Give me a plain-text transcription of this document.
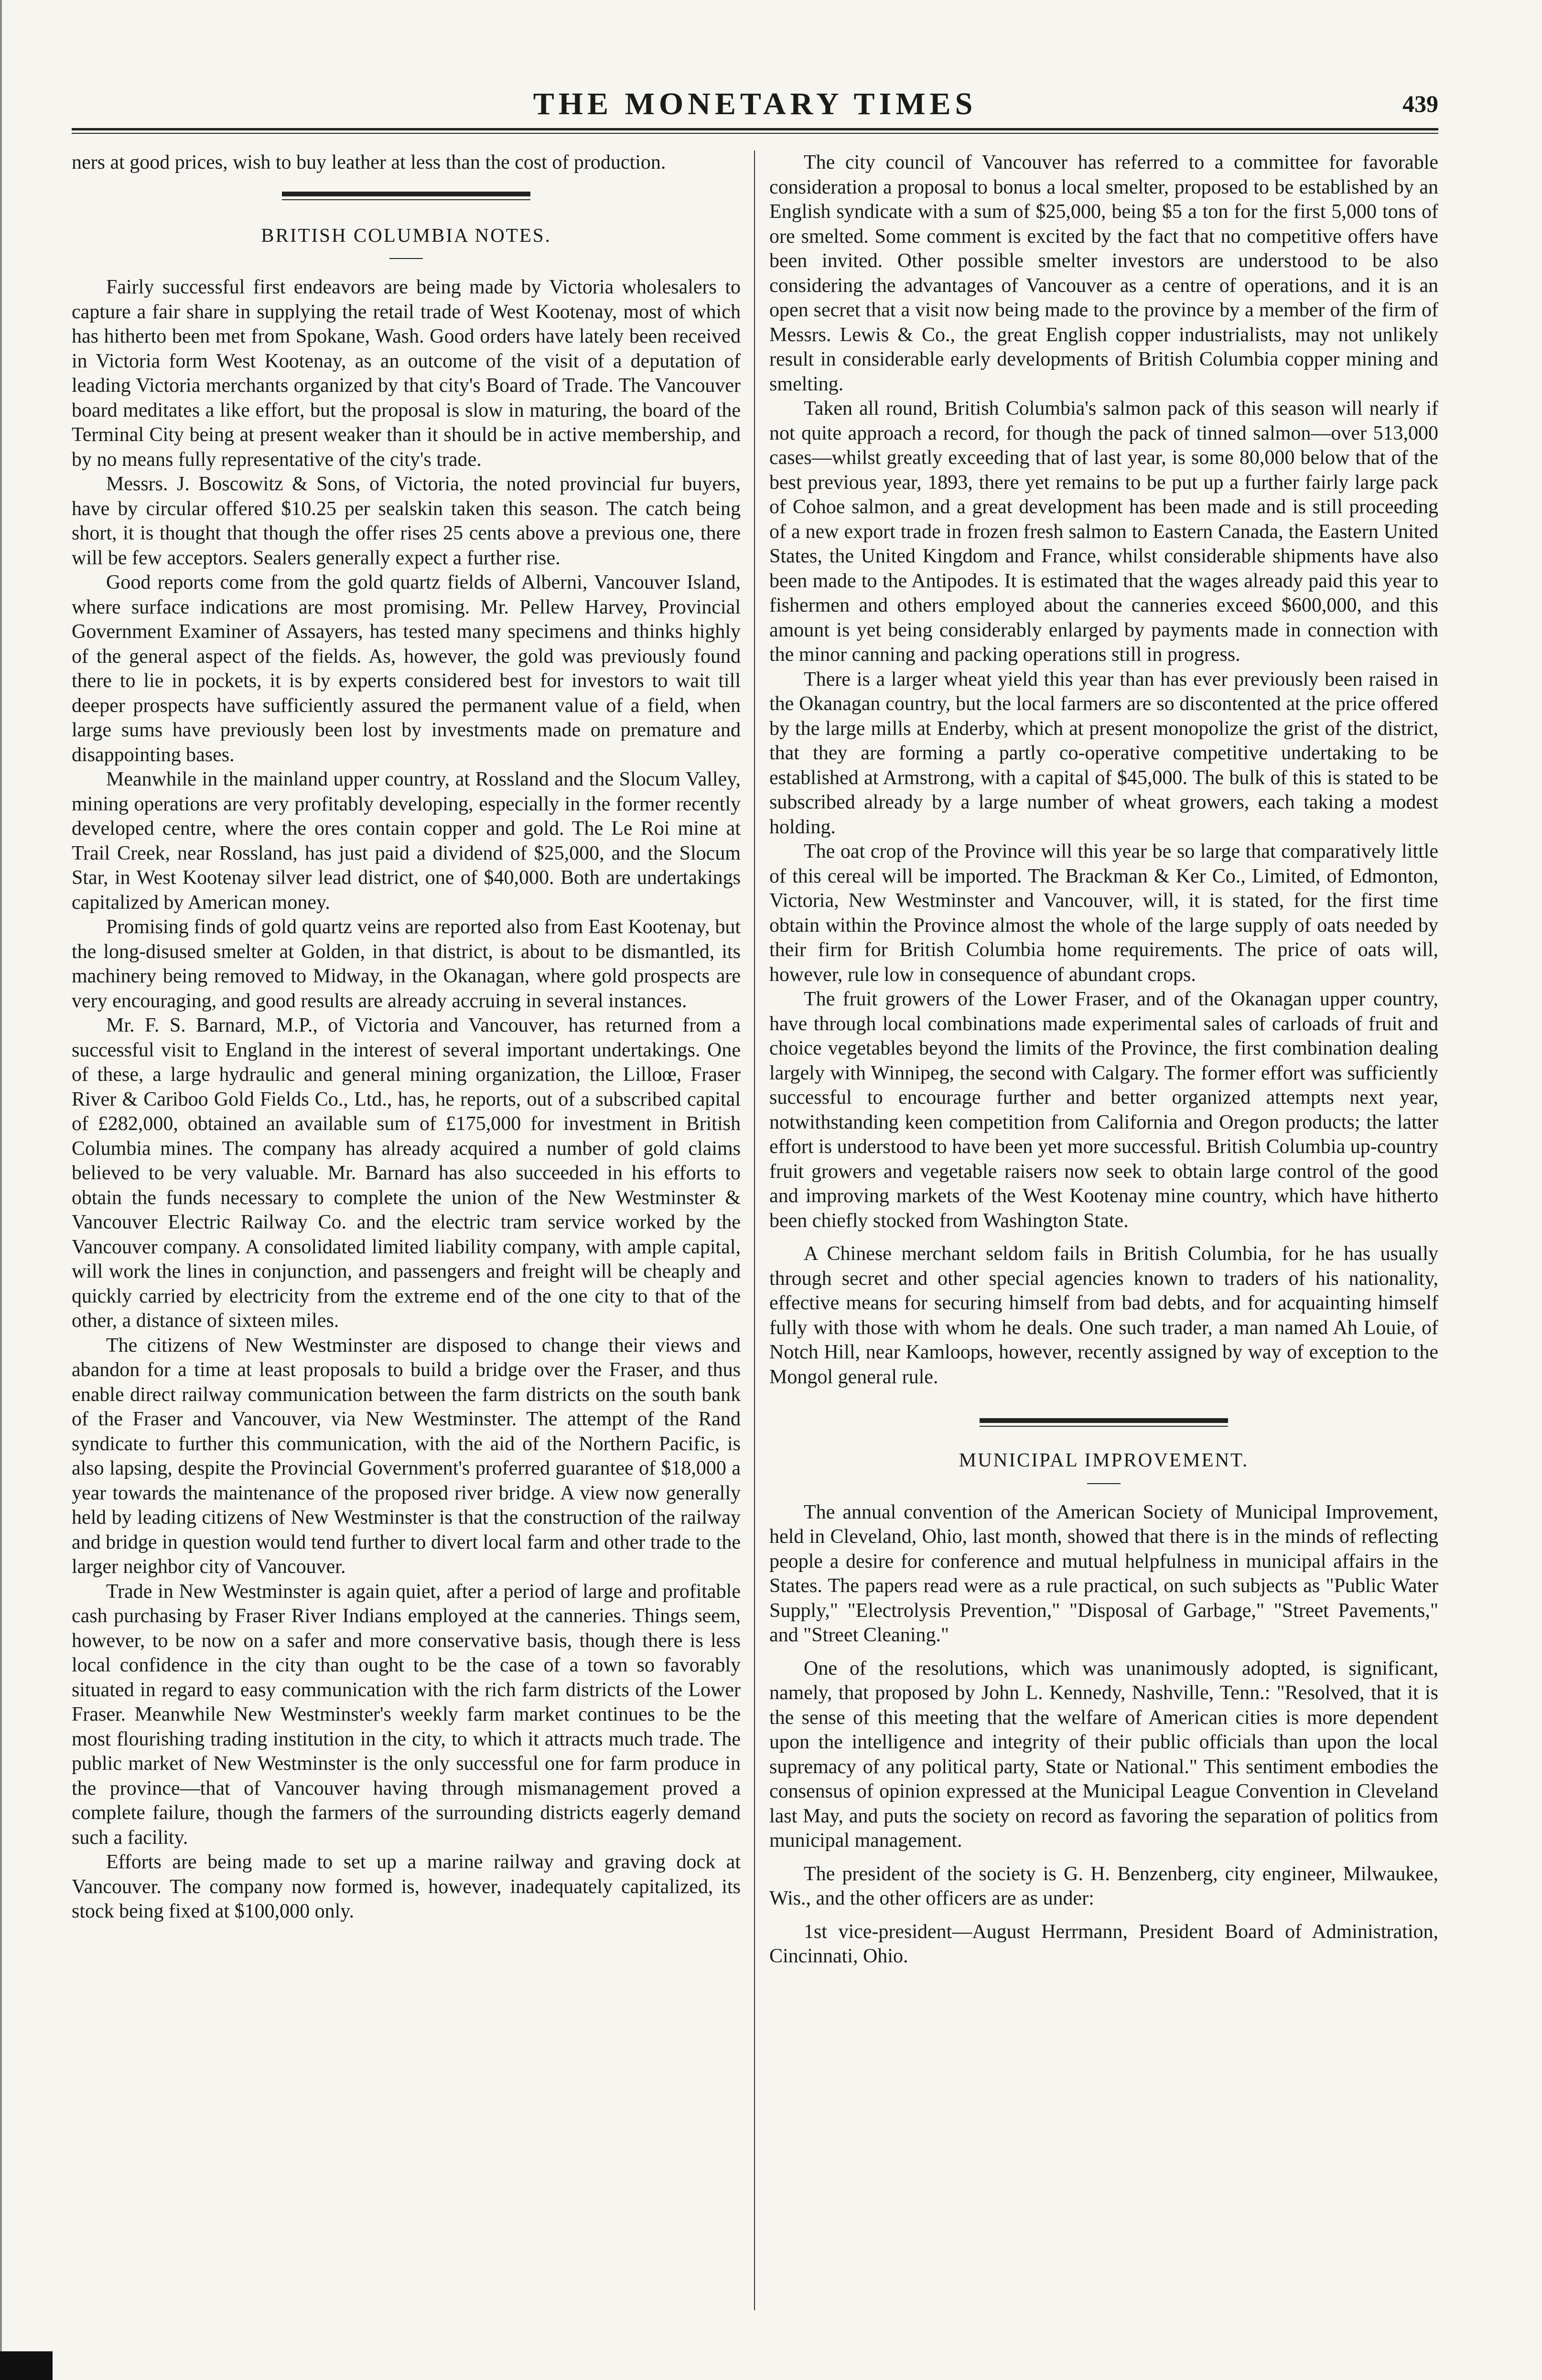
THE MONETARY TIMES	439

ners at good prices, wish to buy leather at less than the cost of production.

BRITISH COLUMBIA NOTES.

Fairly successful first endeavors are being made by Victoria wholesalers to capture a fair share in supplying the retail trade of West Kootenay, most of which has hitherto been met from Spokane, Wash. Good orders have lately been received in Victoria form West Kootenay, as an outcome of the visit of a deputation of leading Victoria merchants organized by that city's Board of Trade. The Vancouver board meditates a like effort, but the proposal is slow in maturing, the board of the Terminal City being at present weaker than it should be in active membership, and by no means fully representative of the city's trade.

Messrs. J. Boscowitz & Sons, of Victoria, the noted provincial fur buyers, have by circular offered $10.25 per sealskin taken this season. The catch being short, it is thought that though the offer rises 25 cents above a previous one, there will be few acceptors. Sealers generally expect a further rise.

Good reports come from the gold quartz fields of Alberni, Vancouver Island, where surface indications are most promising. Mr. Pellew Harvey, Provincial Government Examiner of Assayers, has tested many specimens and thinks highly of the general aspect of the fields. As, however, the gold was previously found there to lie in pockets, it is by experts considered best for investors to wait till deeper prospects have sufficiently assured the permanent value of a field, when large sums have previously been lost by investments made on premature and disappointing bases.

Meanwhile in the mainland upper country, at Rossland and the Slocum Valley, mining operations are very profitably developing, especially in the former recently developed centre, where the ores contain copper and gold. The Le Roi mine at Trail Creek, near Rossland, has just paid a dividend of $25,000, and the Slocum Star, in West Kootenay silver lead district, one of $40,000. Both are undertakings capitalized by American money.

Promising finds of gold quartz veins are reported also from East Kootenay, but the long-disused smelter at Golden, in that district, is about to be dismantled, its machinery being removed to Midway, in the Okanagan, where gold prospects are very encouraging, and good results are already accruing in several instances.

Mr. F. S. Barnard, M.P., of Victoria and Vancouver, has returned from a successful visit to England in the interest of several important undertakings. One of these, a large hydraulic and general mining organization, the Lilloœ, Fraser River & Cariboo Gold Fields Co., Ltd., has, he reports, out of a subscribed capital of £282,000, obtained an available sum of £175,000 for investment in British Columbia mines. The company has already acquired a number of gold claims believed to be very valuable. Mr. Barnard has also succeeded in his efforts to obtain the funds necessary to complete the union of the New Westminster & Vancouver Electric Railway Co. and the electric tram service worked by the Vancouver company. A consolidated limited liability company, with ample capital, will work the lines in conjunction, and passengers and freight will be cheaply and quickly carried by electricity from the extreme end of the one city to that of the other, a distance of sixteen miles.

The citizens of New Westminster are disposed to change their views and abandon for a time at least proposals to build a bridge over the Fraser, and thus enable direct railway communication between the farm districts on the south bank of the Fraser and Vancouver, via New Westminster. The attempt of the Rand syndicate to further this communication, with the aid of the Northern Pacific, is also lapsing, despite the Provincial Government's proferred guarantee of $18,000 a year towards the maintenance of the proposed river bridge. A view now generally held by leading citizens of New Westminster is that the construction of the railway and bridge in question would tend further to divert local farm and other trade to the larger neighbor city of Vancouver.

Trade in New Westminster is again quiet, after a period of large and profitable cash purchasing by Fraser River Indians employed at the canneries. Things seem, however, to be now on a safer and more conservative basis, though there is less local confidence in the city than ought to be the case of a town so favorably situated in regard to easy communication with the rich farm districts of the Lower Fraser. Meanwhile New Westminster's weekly farm market continues to be the most flourishing trading institution in the city, to which it attracts much trade. The public market of New Westminster is the only successful one for farm produce in the province—that of Vancouver having through mismanagement proved a complete failure, though the farmers of the surrounding districts eagerly demand such a facility.

Efforts are being made to set up a marine railway and graving dock at Vancouver. The company now formed is, however, inadequately capitalized, its stock being fixed at $100,000 only.

The city council of Vancouver has referred to a committee for favorable consideration a proposal to bonus a local smelter, proposed to be established by an English syndicate with a sum of $25,000, being $5 a ton for the first 5,000 tons of ore smelted. Some comment is excited by the fact that no competitive offers have been invited. Other possible smelter investors are understood to be also considering the advantages of Vancouver as a centre of operations, and it is an open secret that a visit now being made to the province by a member of the firm of Messrs. Lewis & Co., the great English copper industrialists, may not unlikely result in considerable early developments of British Columbia copper mining and smelting.

Taken all round, British Columbia's salmon pack of this season will nearly if not quite approach a record, for though the pack of tinned salmon—over 513,000 cases—whilst greatly exceeding that of last year, is some 80,000 below that of the best previous year, 1893, there yet remains to be put up a further fairly large pack of Cohoe salmon, and a great development has been made and is still proceeding of a new export trade in frozen fresh salmon to Eastern Canada, the Eastern United States, the United Kingdom and France, whilst considerable shipments have also been made to the Antipodes. It is estimated that the wages already paid this year to fishermen and others employed about the canneries exceed $600,000, and this amount is yet being considerably enlarged by payments made in connection with the minor canning and packing operations still in progress.

There is a larger wheat yield this year than has ever previously been raised in the Okanagan country, but the local farmers are so discontented at the price offered by the large mills at Enderby, which at present monopolize the grist of the district, that they are forming a partly co-operative competitive undertaking to be established at Armstrong, with a capital of $45,000. The bulk of this is stated to be subscribed already by a large number of wheat growers, each taking a modest holding.

The oat crop of the Province will this year be so large that comparatively little of this cereal will be imported. The Brackman & Ker Co., Limited, of Edmonton, Victoria, New Westminster and Vancouver, will, it is stated, for the first time obtain within the Province almost the whole of the large supply of oats needed by their firm for British Columbia home requirements. The price of oats will, however, rule low in consequence of abundant crops.

The fruit growers of the Lower Fraser, and of the Okanagan upper country, have through local combinations made experimental sales of carloads of fruit and choice vegetables beyond the limits of the Province, the first combination dealing largely with Winnipeg, the second with Calgary. The former effort was sufficiently successful to encourage further and better organized attempts next year, notwithstanding keen competition from California and Oregon products; the latter effort is understood to have been yet more successful. British Columbia up-country fruit growers and vegetable raisers now seek to obtain large control of the good and improving markets of the West Kootenay mine country, which have hitherto been chiefly stocked from Washington State.

A Chinese merchant seldom fails in British Columbia, for he has usually through secret and other special agencies known to traders of his nationality, effective means for securing himself from bad debts, and for acquainting himself fully with those with whom he deals. One such trader, a man named Ah Louie, of Notch Hill, near Kamloops, however, recently assigned by way of exception to the Mongol general rule.

MUNICIPAL IMPROVEMENT.

The annual convention of the American Society of Municipal Improvement, held in Cleveland, Ohio, last month, showed that there is in the minds of reflecting people a desire for conference and mutual helpfulness in municipal affairs in the States. The papers read were as a rule practical, on such subjects as "Public Water Supply," "Electrolysis Prevention," "Disposal of Garbage," "Street Pavements," and "Street Cleaning."

One of the resolutions, which was unanimously adopted, is significant, namely, that proposed by John L. Kennedy, Nashville, Tenn.: "Resolved, that it is the sense of this meeting that the welfare of American cities is more dependent upon the intelligence and integrity of their public officials than upon the local supremacy of any political party, State or National." This sentiment embodies the consensus of opinion expressed at the Municipal League Convention in Cleveland last May, and puts the society on record as favoring the separation of politics from municipal management.

The president of the society is G. H. Benzenberg, city engineer, Milwaukee, Wis., and the other officers are as under:

1st vice-president—August Herrmann, President Board of Administration, Cincinnati, Ohio.
